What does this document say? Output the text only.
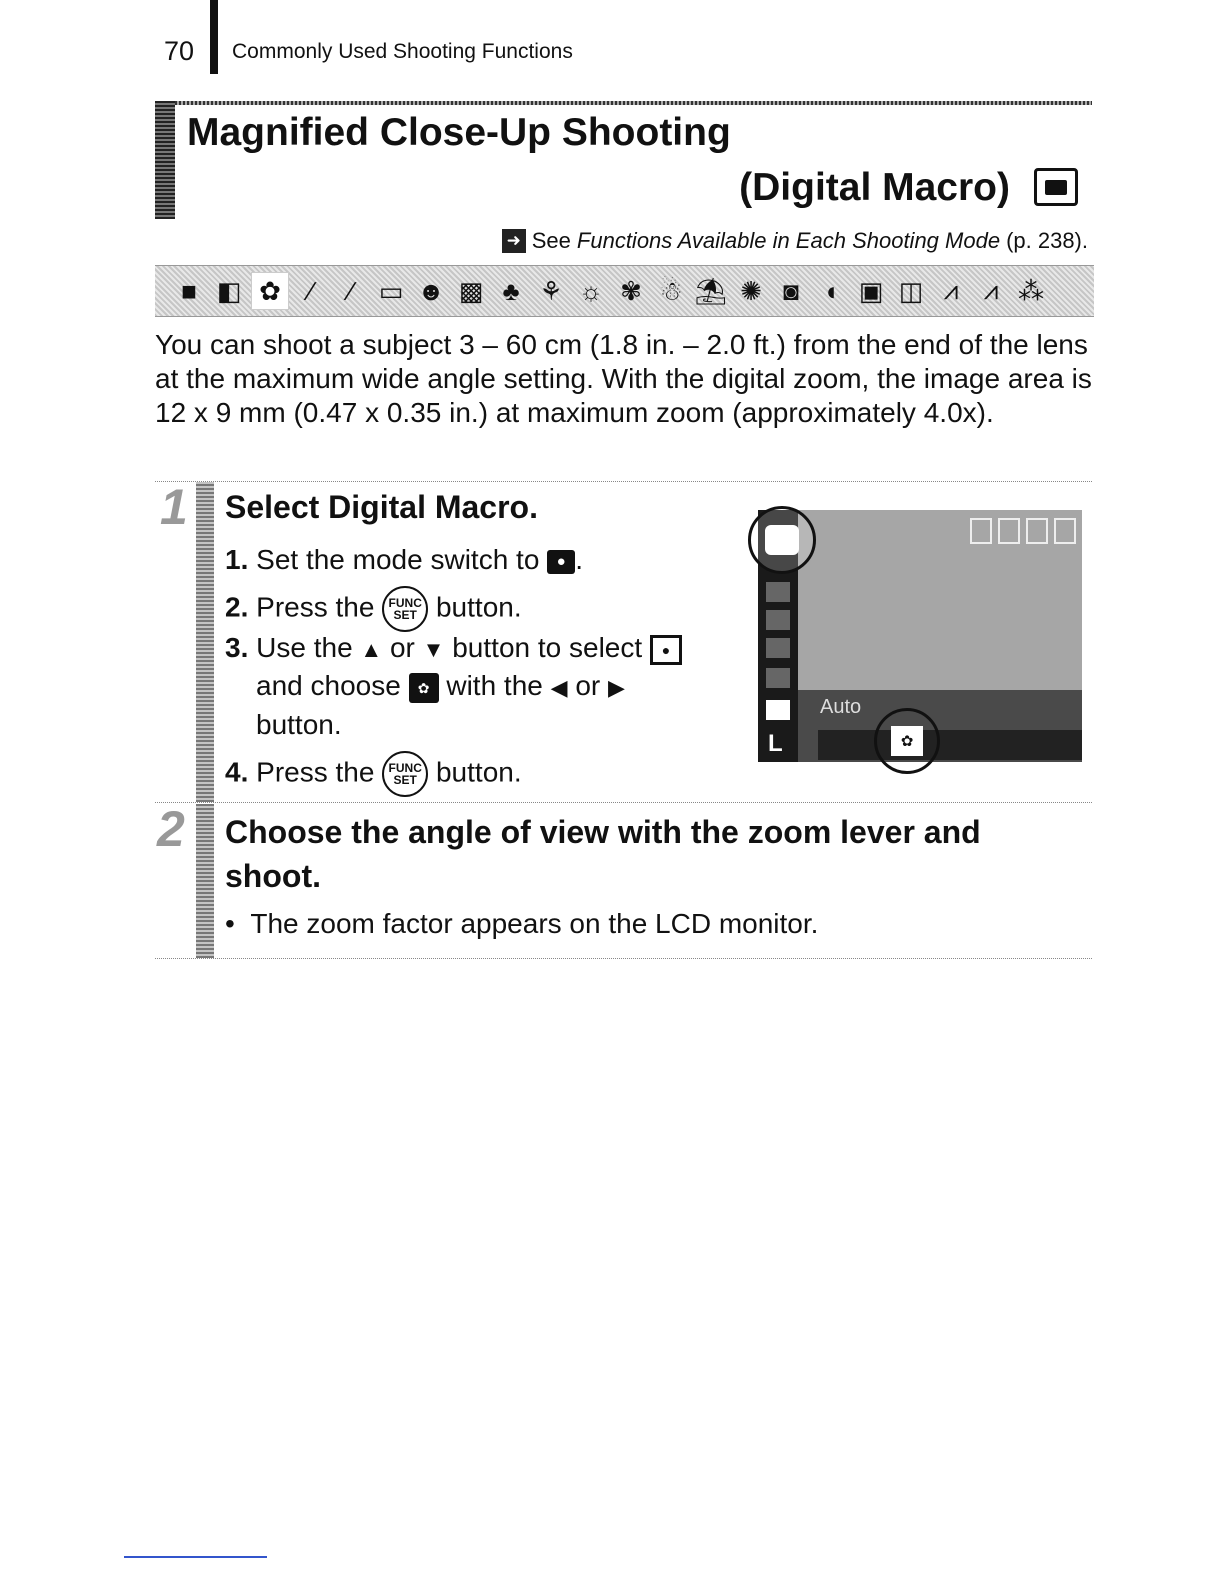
70 Commonly Used Shooting Functions
Magnified Close-Up Shooting
(Digital Macro)
➜ See Functions Available in Each Shooting Mode (p. 238).
■ ◧ ✿	∕	∕ ▭ ☻ ▩ ♣ ⚘ ☼ ✾ ☃ ⛱ ✺ ◙ ◖ ▣ ◫ ⩘ ⩘ ⁂
You can shoot a subject 3 – 60 cm (1.8 in. – 2.0 ft.) from the end of the lens at the maximum wide angle setting. With the digital zoom, the image area is 12 x 9 mm (0.47 x 0.35 in.) at maximum zoom (approximately 4.0x).
1 Select Digital Macro.
1. Set the mode switch to ● .
2. Press the FUNC
SET button.
3. Use the ▲ or ▼ button to select ●
and choose ✿ with the ◀ or ▶
button.
4. Press the FUNC
SET button.
L
Auto
✿
2 Choose the angle of view with the zoom lever and shoot.
• The zoom factor appears on the LCD monitor.
